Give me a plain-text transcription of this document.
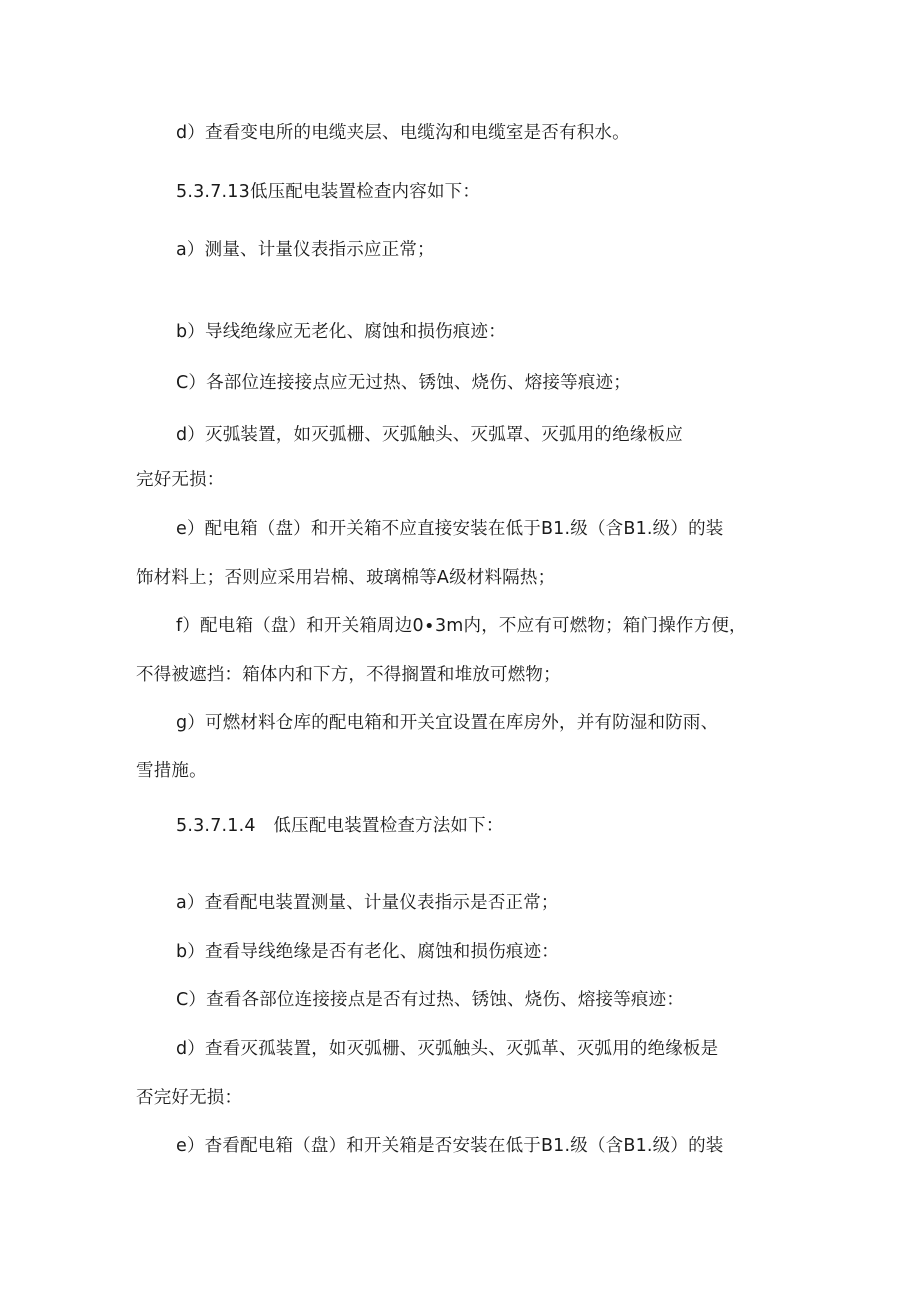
d）查看变电所的电缆夹层、电缆沟和电缆室是否有积水。
5.3.7.13低压配电装置检查内容如下：
a）测量、计量仪表指示应正常；
b）导线绝缘应无老化、腐蚀和损伤痕迹：
C）各部位连接接点应无过热、锈蚀、烧伤、熔接等痕迹；
d）灭弧装置，如灭弧栅、灭弧触头、灭弧罩、灭弧用的绝缘板应
完好无损：
e）配电箱（盘）和开关箱不应直接安装在低于B1.级（含B1.级）的装
饰材料上；否则应采用岩棉、玻璃棉等A级材料隔热；
f）配电箱（盘）和开关箱周边0∙3m内，不应有可燃物；箱门操作方便，
不得被遮挡：箱体内和下方，不得搁置和堆放可燃物；
g）可燃材料仓库的配电箱和开关宜设置在库房外，并有防湿和防雨、
雪措施。
5.3.7.1.4　低压配电装置检查方法如下：
a）查看配电装置测量、计量仪表指示是否正常；
b）查看导线绝缘是否有老化、腐蚀和损伤痕迹：
C）查看各部位连接接点是否有过热、锈蚀、烧伤、熔接等痕迹：
d）查看灭孤装置，如灭弧栅、灭弧触头、灭弧革、灭弧用的绝缘板是
否完好无损：
e）杳看配电箱（盘）和开关箱是否安装在低于B1.级（含B1.级）的装
